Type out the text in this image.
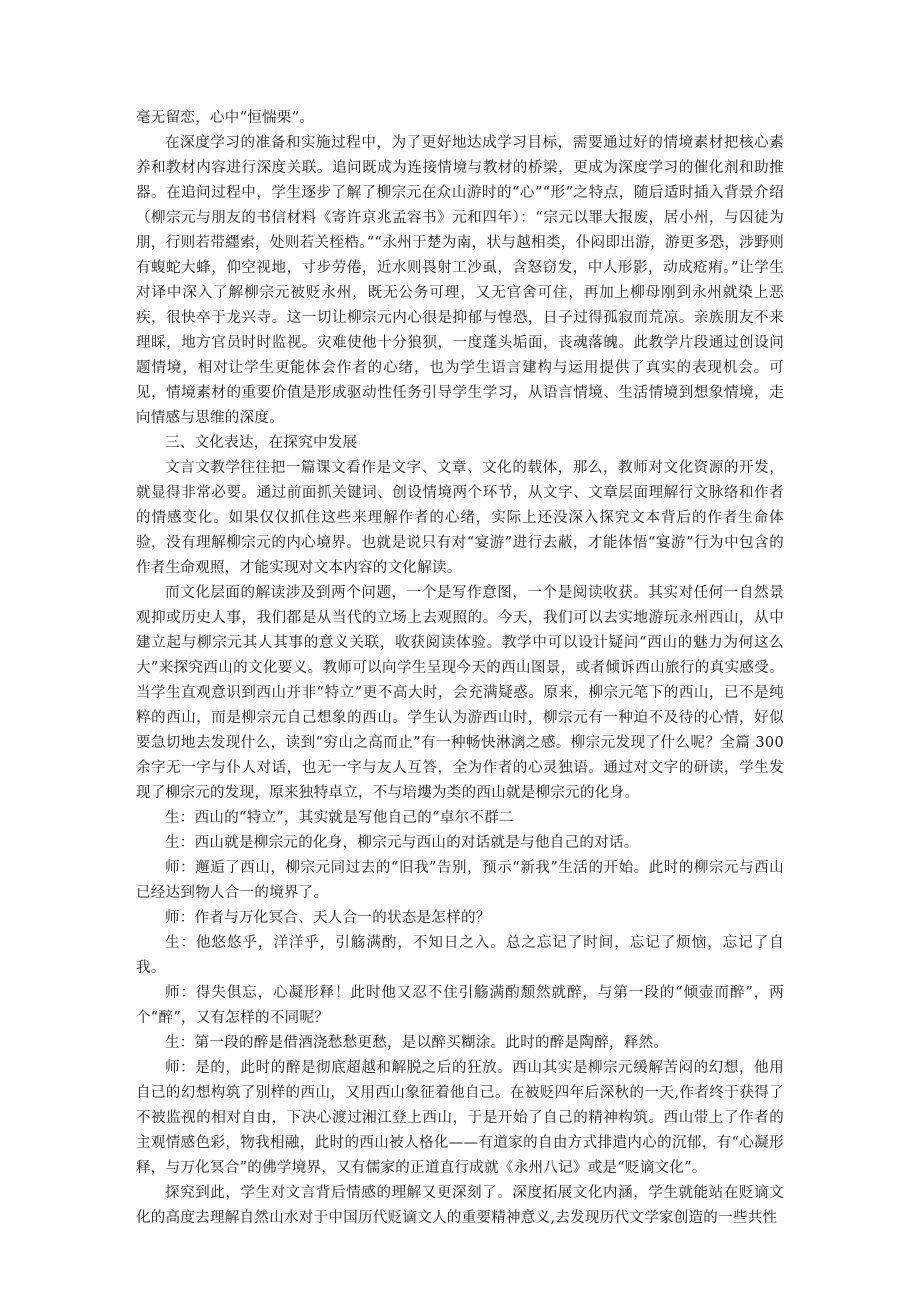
毫无留恋，心中“恒惴栗”。

在深度学习的准备和实施过程中，为了更好地达成学习目标，需要通过好的情境素材把核心素养和教材内容进行深度关联。追问既成为连接情境与教材的桥梁，更成为深度学习的催化剂和助推器。在追问过程中，学生逐步了解了柳宗元在众山游时的“心”“形”之特点，随后适时插入背景介绍（柳宗元与朋友的书信材料《寄许京兆孟容书》元和四年）：“宗元以罪大报废，居小州，与囚徒为朋，行则若带纆索，处则若关桎梏。”“永州于楚为南，状与越相类，仆闷即出游，游更多恐，涉野则有蝮蛇大蜂，仰空视地，寸步劳倦，近水则畏射工沙虱，含怒窃发，中人形影，动成疮痏。”让学生对译中深入了解柳宗元被贬永州，既无公务可理，又无官舍可住，再加上柳母刚到永州就染上恶疾，很快卒于龙兴寺。这一切让柳宗元内心很是抑郁与惶恐，日子过得孤寂而荒凉。亲族朋友不来理睬，地方官员时时监视。灾难使他十分狼狈，一度蓬头垢面，丧魂落魄。此教学片段通过创设问题情境，相对让学生更能体会作者的心绪，也为学生语言建构与运用提供了真实的表现机会。可见，情境素材的重要价值是形成驱动性任务引导学生学习，从语言情境、生活情境到想象情境，走向情感与思维的深度。

三、文化表达，在探究中发展

文言文教学往往把一篇课文看作是文字、文章、文化的载体，那么，教师对文化资源的开发，就显得非常必要。通过前面抓关键词、创设情境两个环节，从文字、文章层面理解行文脉络和作者的情感变化。如果仅仅抓住这些来理解作者的心绪，实际上还没深入探究文本背后的作者生命体验，没有理解柳宗元的内心境界。也就是说只有对“宴游”进行去蔽，才能体悟“宴游”行为中包含的作者生命观照，才能实现对文本内容的文化解读。

而文化层面的解读涉及到两个问题，一个是写作意图，一个是阅读收获。其实对任何一自然景观抑或历史人事，我们都是从当代的立场上去观照的。今天，我们可以去实地游玩永州西山，从中建立起与柳宗元其人其事的意义关联，收获阅读体验。教学中可以设计疑问“西山的魅力为何这么大”来探究西山的文化要义。教师可以向学生呈现今天的西山图景，或者倾诉西山旅行的真实感受。当学生直观意识到西山并非“特立”更不高大时，会充满疑惑。原来，柳宗元笔下的西山，已不是纯粹的西山，而是柳宗元自己想象的西山。学生认为游西山时，柳宗元有一种迫不及待的心情，好似要急切地去发现什么，读到“穷山之高而止”有一种畅快淋漓之感。柳宗元发现了什么呢？全篇 300 余字无一字与仆人对话，也无一字与友人互答，全为作者的心灵独语。通过对文字的研读，学生发现了柳宗元的发现，原来独特卓立，不与培塿为类的西山就是柳宗元的化身。

生：西山的“特立”，其实就是写他自己的“卓尔不群二

生：西山就是柳宗元的化身，柳宗元与西山的对话就是与他自己的对话。

师：邂逅了西山，柳宗元同过去的“旧我”告别，预示“新我”生活的开始。此时的柳宗元与西山已经达到物人合一的境界了。

师：作者与万化冥合、天人合一的状态是怎样的？

生：他悠悠乎，洋洋乎，引觞满酌，不知日之入。总之忘记了时间，忘记了烦恼，忘记了自我。

师：得失俱忘，心凝形释！此时他又忍不住引觞满酌颓然就醉，与第一段的“倾壶而醉”，两个“醉”，又有怎样的不同呢？

生：第一段的醉是借酒浇愁愁更愁，是以醉买糊涂。此时的醉是陶醉，释然。

师：是的，此时的醉是彻底超越和解脱之后的狂放。西山其实是柳宗元缓解苦闷的幻想，他用自己的幻想构筑了别样的西山，又用西山象征着他自己。在被贬四年后深秋的一天,作者终于获得了不被监视的相对自由，下决心渡过湘江登上西山，于是开始了自己的精神构筑。西山带上了作者的主观情感色彩，物我相融，此时的西山被人格化——有道家的自由方式排遣内心的沉郁，有“心凝形释，与万化冥合”的佛学境界，又有儒家的正道直行成就《永州八记》或是“贬谪文化”。

探究到此，学生对文言背后情感的理解又更深刻了。深度拓展文化内涵，学生就能站在贬谪文化的高度去理解自然山水对于中国历代贬谪文人的重要精神意义,去发现历代文学家创造的一些共性
